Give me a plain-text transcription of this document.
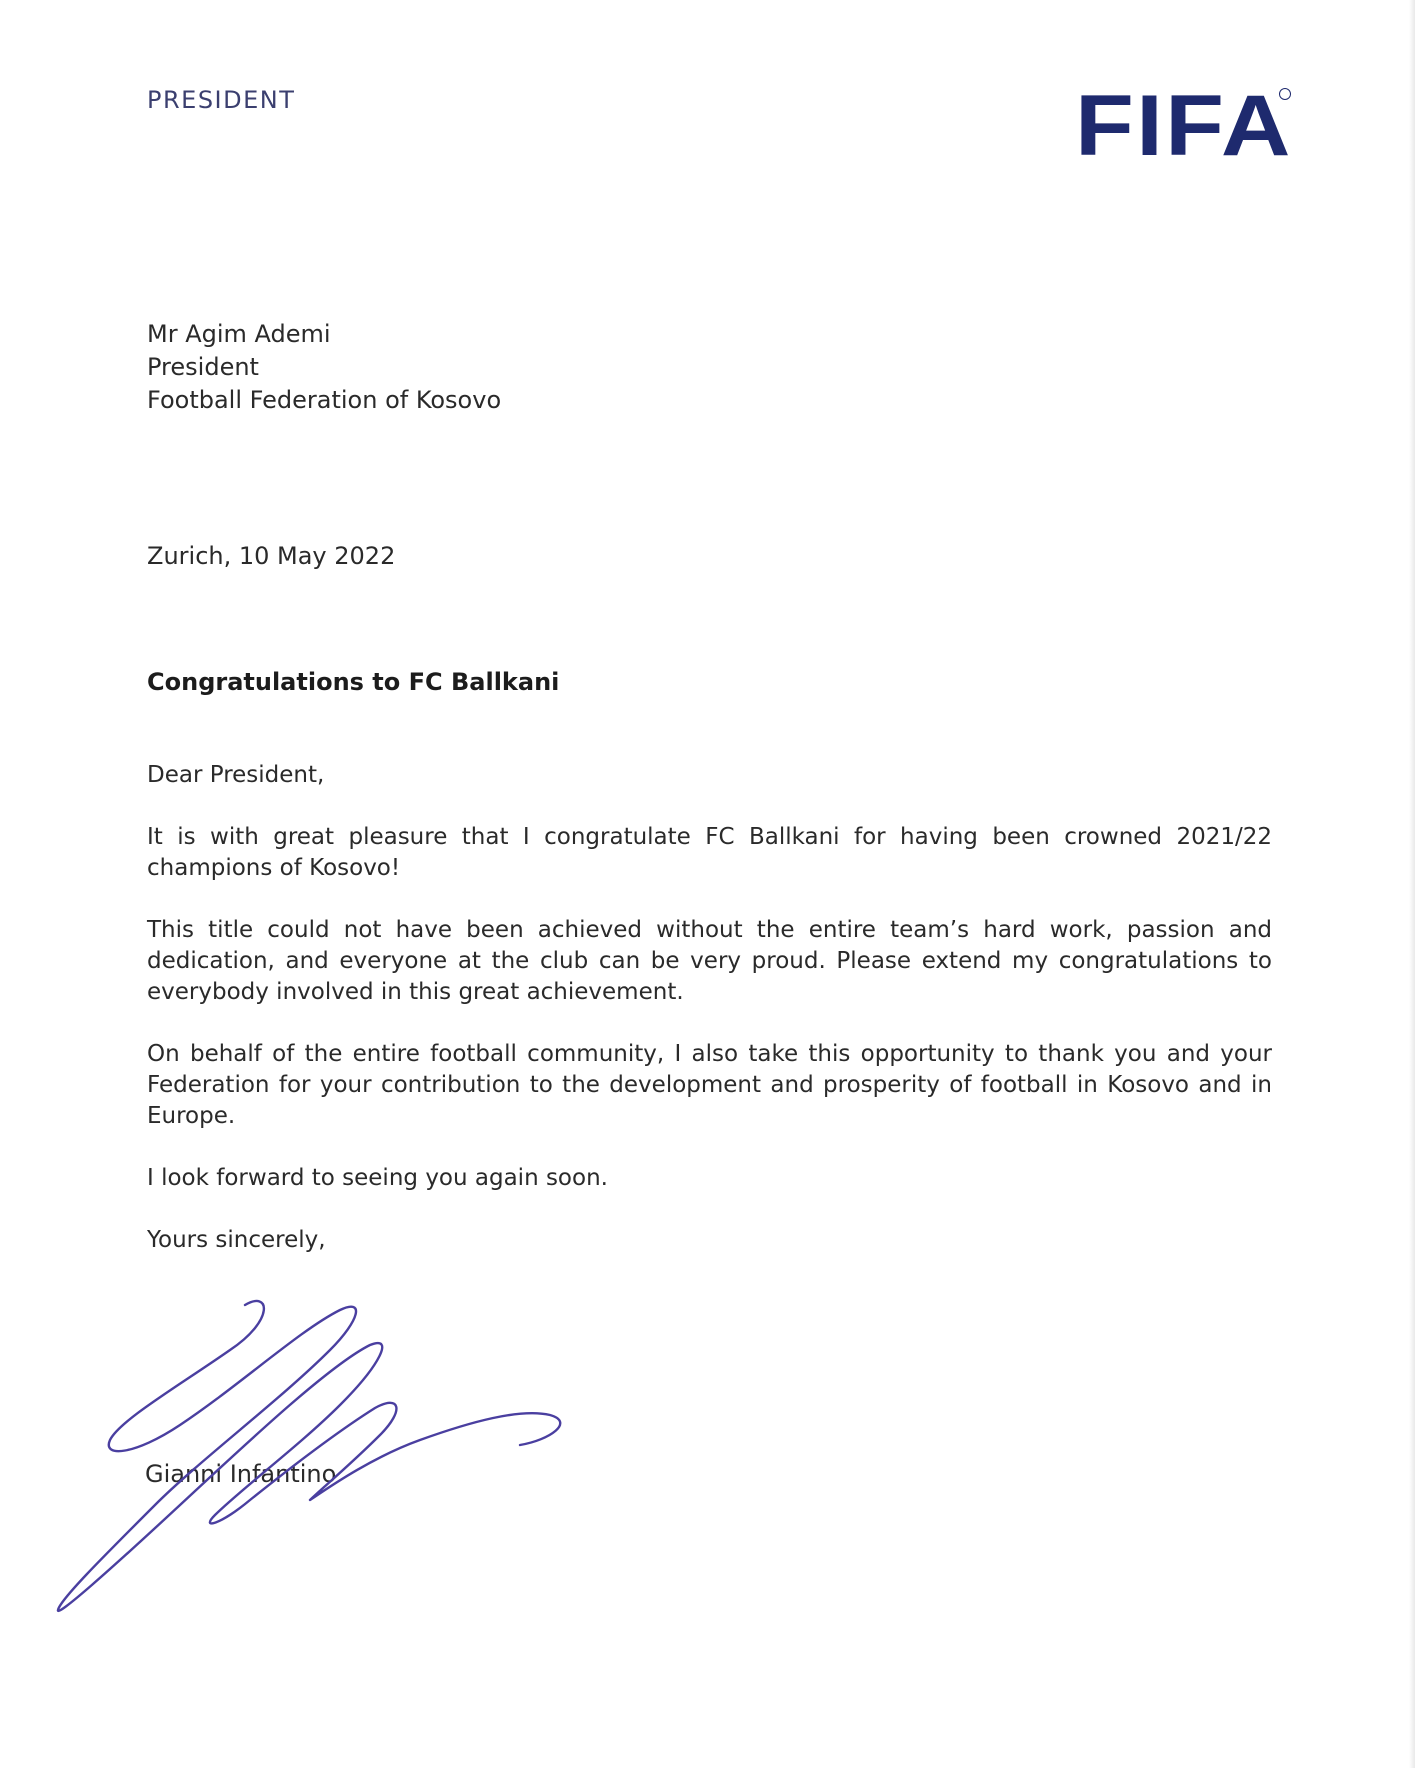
PRESIDENT	FIFA
Mr Agim Ademi
President
Football Federation of Kosovo
Zurich, 10 May 2022
Congratulations to FC Ballkani

Dear President,

It is with great pleasure that I congratulate FC Ballkani for having been crowned 2021/22 champions of Kosovo!

This title could not have been achieved without the entire team’s hard work, passion and dedication, and everyone at the club can be very proud. Please extend my congratulations to everybody involved in this great achievement.

On behalf of the entire football community, I also take this opportunity to thank you and your Federation for your contribution to the development and prosperity of football in Kosovo and in Europe.

I look forward to seeing you again soon.

Yours sincerely,

Gianni Infantino
